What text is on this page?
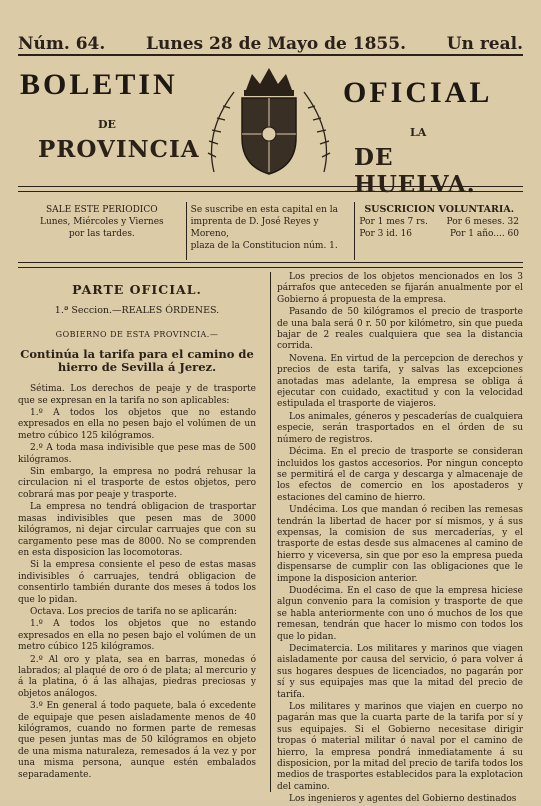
Núm. 64. Lunes 28 de Mayo de 1855. Un real.
BOLETIN	OFICIAL
DE
LA
PROVINCIA	DE HUELVA.
SALE ESTE PERIODICO
Lunes, Miércoles y Viernes
por las tardes.
Se suscribe en esta capital en la
imprenta de D. José Reyes y Moreno,
plaza de la Constitucion núm. 1.
SUSCRICION VOLUNTARIA.
Por 1 mes 7 rs. Por 6 meses. 32
Por 3 id. 16	Por 1 año.... 60
PARTE OFICIAL.
1.ª Seccion.—REALES ÓRDENES.
GOBIERNO DE ESTA PROVINCIA.—
Continúa la tarifa para el camino de hierro de Sevilla á Jerez.

Sétima. Los derechos de peaje y de trasporte que se expresan en la tarifa no son aplicables:

1.º A todos los objetos que no estando expresados en ella no pesen bajo el volúmen de un metro cúbico 125 kilógramos.

2.º A toda masa indivisible que pese mas de 500 kilógramos.

Sin embargo, la empresa no podrá rehusar la circulacion ni el trasporte de estos objetos, pero cobrará mas por peaje y trasporte.

La empresa no tendrá obligacion de trasportar masas indivisibles que pesen mas de 3000 kilógramos, ni dejar circular carruajes que con su cargamento pese mas de 8000. No se comprenden en esta disposicion las locomotoras.

Si la empresa consiente el peso de estas masas indivisibles ó carruajes, tendrá obligacion de consentirlo también durante dos meses á todos los que lo pidan.

Octava. Los precios de tarifa no se aplicarán:

1.º A todos los objetos que no estando expresados en ella no pesen bajo el volúmen de un metro cúbico 125 kilógramos.

2.º Al oro y plata, sea en barras, monedas ó labrados; al plaqué de oro ó de plata; al mercurio y á la platina, ó á las alhajas, piedras preciosas y objetos análogos.

3.º En general á todo paquete, bala ó excedente de equipaje que pesen aisladamente menos de 40 kilógramos, cuando no formen parte de remesas que pesen juntas mas de 50 kilógramos en objeto de una misma naturaleza, remesados á la vez y por una misma persona, aunque estén embalados separadamente.

Los precios de los objetos mencionados en los 3 párrafos que anteceden se fijarán anualmente por el Gobierno á propuesta de la empresa.

Pasando de 50 kilógramos el precio de trasporte de una bala será 0 r. 50 por kilómetro, sin que pueda bajar de 2 reales cualquiera que sea la distancia corrida.

Novena. En virtud de la percepcion de derechos y precios de esta tarifa, y salvas las excepciones anotadas mas adelante, la empresa se obliga á ejecutar con cuidado, exactitud y con la velocidad estipulada el trasporte de viajeros.

Los animales, géneros y pescaderías de cualquiera especie, serán trasportados en el órden de su número de registros.

Décima. En el precio de trasporte se consideran incluidos los gastos accesorios. Por ningun concepto se permitirá el de carga y descarga y almacenaje de los efectos de comercio en los apostaderos y estaciones del camino de hierro.

Undécima. Los que mandan ó reciben las remesas tendrán la libertad de hacer por sí mismos, y á sus expensas, la comision de sus mercaderías, y el trasporte de estas desde sus almacenes al camino de hierro y viceversa, sin que por eso la empresa pueda dispensarse de cumplir con las obligaciones que le impone la disposicion anterior.

Duodécima. En el caso de que la empresa hiciese algun convenio para la comision y trasporte de que se habla anteriormente con uno ó muchos de los que remesan, tendrán que hacer lo mismo con todos los que lo pidan.

Decimatercia. Los militares y marinos que viagen aisladamente por causa del servicio, ó para volver á sus hogares despues de licenciados, no pagarán por sí y sus equipajes mas que la mitad del precio de tarifa.

Los militares y marinos que viajen en cuerpo no pagarán mas que la cuarta parte de la tarifa por sí y sus equipajes. Si el Gobierno necesitase dirigir tropas ó material militar ó naval por el camino de hierro, la empresa pondrá inmediatamente á su disposicion, por la mitad del precio de tarifa todos los medios de trasportes establecidos para la explotacion del camino.

Los ingenieros y agentes del Gobierno destinados
